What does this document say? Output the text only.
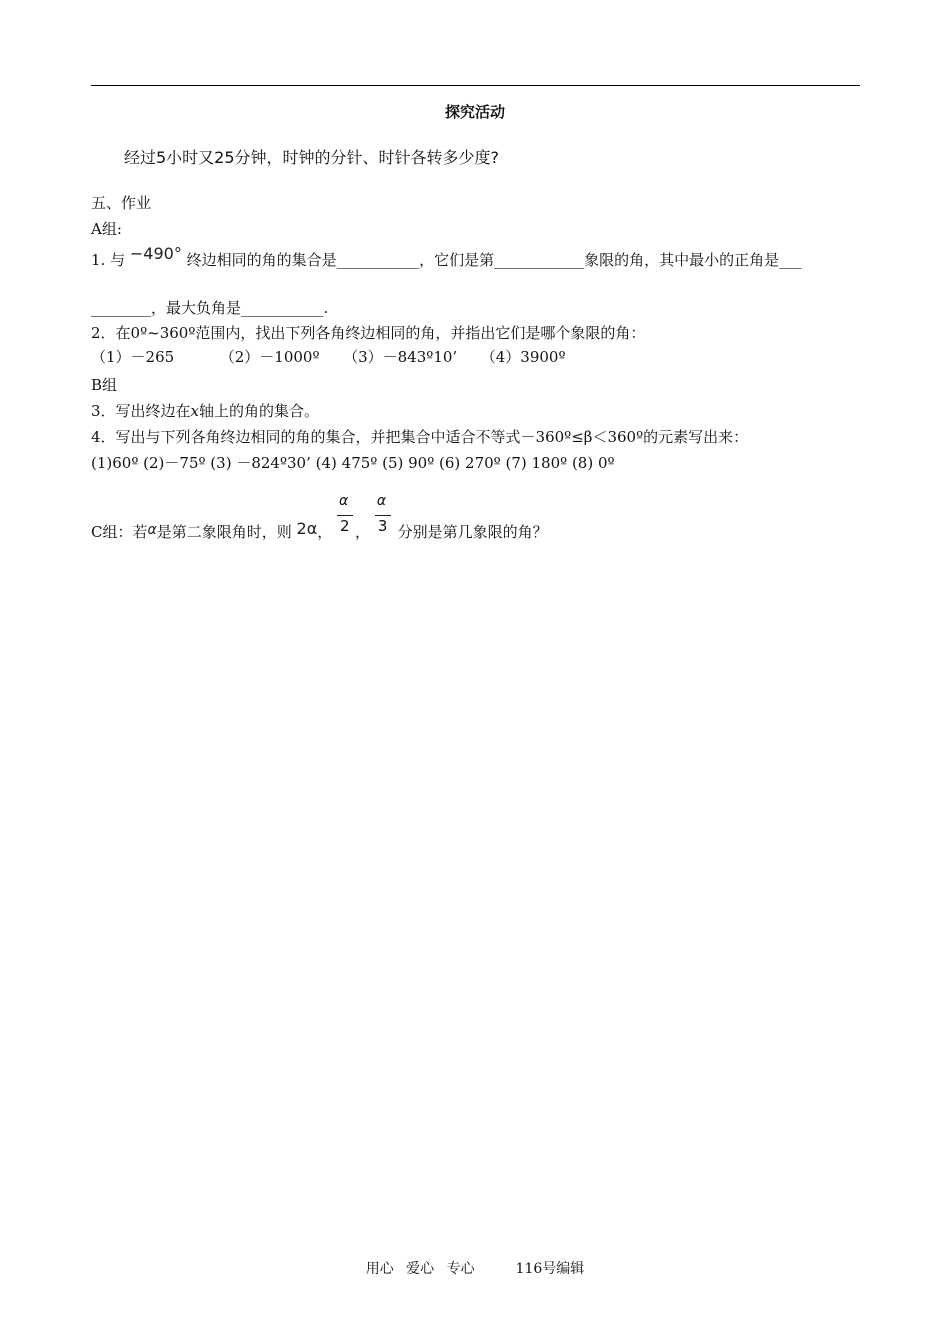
探究活动
经过5小时又25分钟，时钟的分针、时针各转多少度?
五、作业
A组:
1. 与 −490° 终边相同的角的集合是___________，它们是第____________象限的角，其中最小的正角是___
________，最大负角是___________.
2．在0º~360º范围内，找出下列各角终边相同的角，并指出它们是哪个象限的角：
（1）－265	（2）－1000º （3）－843º10’ （4）3900º
B组
3．写出终边在x轴上的角的集合。
4．写出与下列各角终边相同的角的集合，并把集合中适合不等式－360º≤β＜360º的元素写出来：
(1)60º (2)－75º (3) －824º30’ (4) 475º (5) 90º (6) 270º (7) 180º (8) 0º
C组：若α是第二象限角时，则 2α， $\frac{\alpha}{2}$ ， $\frac{\alpha}{3}$ 分别是第几象限的角？
用心 爱心 专心	116号编辑
